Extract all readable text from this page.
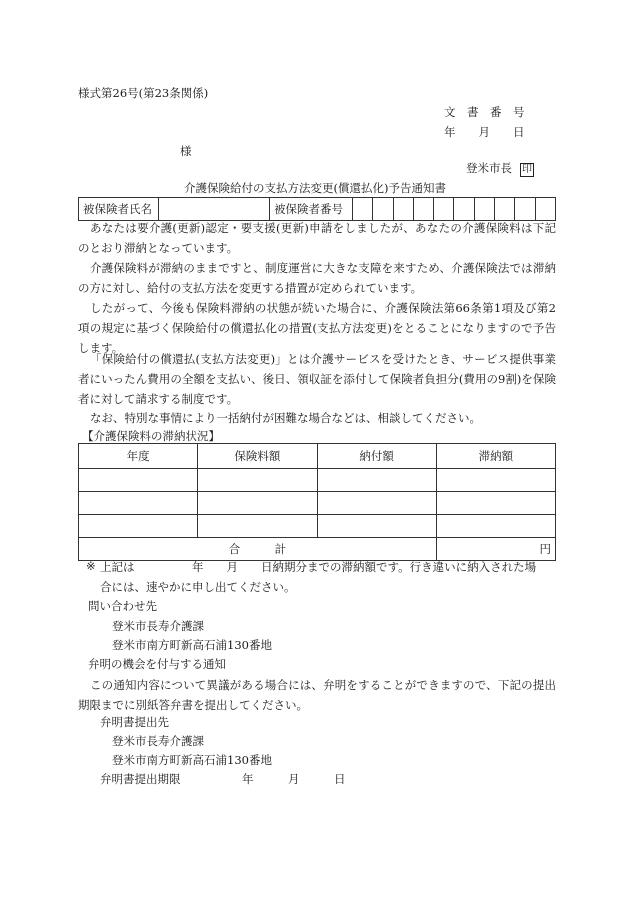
様式第26号(第23条関係)
文　書　番　号
年　　月　　日
様
登米市長 印
介護保険給付の支払方法変更(償還払化)予告通知書
被保険者氏名		被保険者番号										
あなたは要介護(更新)認定・要支援(更新)申請をしましたが、あなたの介護保険料は下記のとおり滞納となっています。
介護保険料が滞納のままですと、制度運営に大きな支障を来すため、介護保険法では滞納の方に対し、給付の支払方法を変更する措置が定められています。
したがって、今後も保険料滞納の状態が続いた場合に、介護保険法第66条第1項及び第2項の規定に基づく保険給付の償還払化の措置(支払方法変更)をとることになりますので予告します。
「保険給付の償還払(支払方法変更)」とは介護サービスを受けたとき、サービス提供事業者にいったん費用の全額を支払い、後日、領収証を添付して保険者負担分(費用の9割)を保険者に対して請求する制度です。
なお、特別な事情により一括納付が困難な場合などは、相談してください。
【介護保険料の滞納状況】
年度	保険料額	納付額	滞納額

合　　　計			円
※ 上記は　　　　　年　　月　　日納期分までの滞納額です。行き違いに納入された場
合には、速やかに申し出てください。
問い合わせ先
登米市長寿介護課
登米市南方町新高石浦130番地
弁明の機会を付与する通知
この通知内容について異議がある場合には、弁明をすることができますので、下記の提出期限までに別紙答弁書を提出してください。
弁明書提出先
登米市長寿介護課
登米市南方町新高石浦130番地
弁明書提出期限	年　　　月　　　日
